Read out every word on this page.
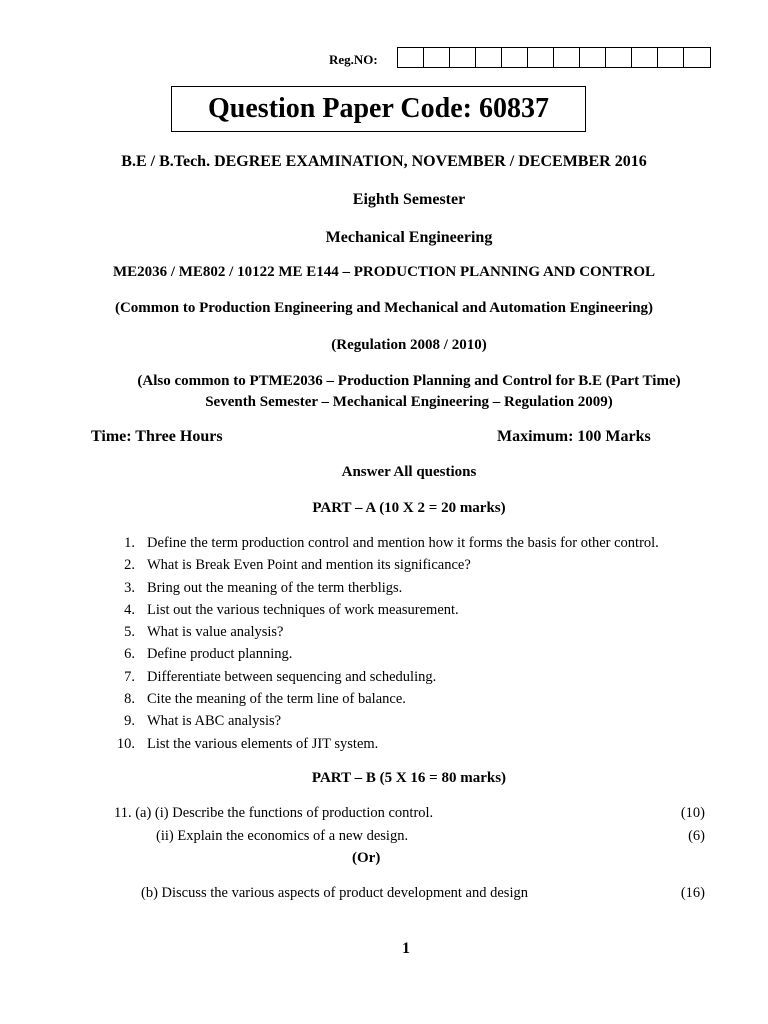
Reg.NO:
Question Paper Code: 60837
B.E / B.Tech. DEGREE EXAMINATION, NOVEMBER / DECEMBER 2016
Eighth Semester
Mechanical Engineering
ME2036 / ME802 / 10122 ME E144 – PRODUCTION PLANNING AND CONTROL
(Common to Production Engineering and Mechanical and Automation Engineering)
(Regulation 2008 / 2010)
(Also common to PTME2036 – Production Planning and Control for B.E (Part Time)
Seventh Semester – Mechanical Engineering – Regulation 2009)
Time: Three Hours	Maximum: 100 Marks
Answer All questions
PART – A (10 X 2 = 20 marks)
1. Define the term production control and mention how it forms the basis for other control.
2. What is Break Even Point and mention its significance?
3. Bring out the meaning of the term therbligs.
4. List out the various techniques of work measurement.
5. What is value analysis?
6. Define product planning.
7. Differentiate between sequencing and scheduling.
8. Cite the meaning of the term line of balance.
9. What is ABC analysis?
10. List the various elements of JIT system.
PART – B (5 X 16 = 80 marks)
11. (a) (i) Describe the functions of production control.	(10)
(ii) Explain the economics of a new design.	(6)
(Or)
(b) Discuss the various aspects of product development and design	(16)
1
